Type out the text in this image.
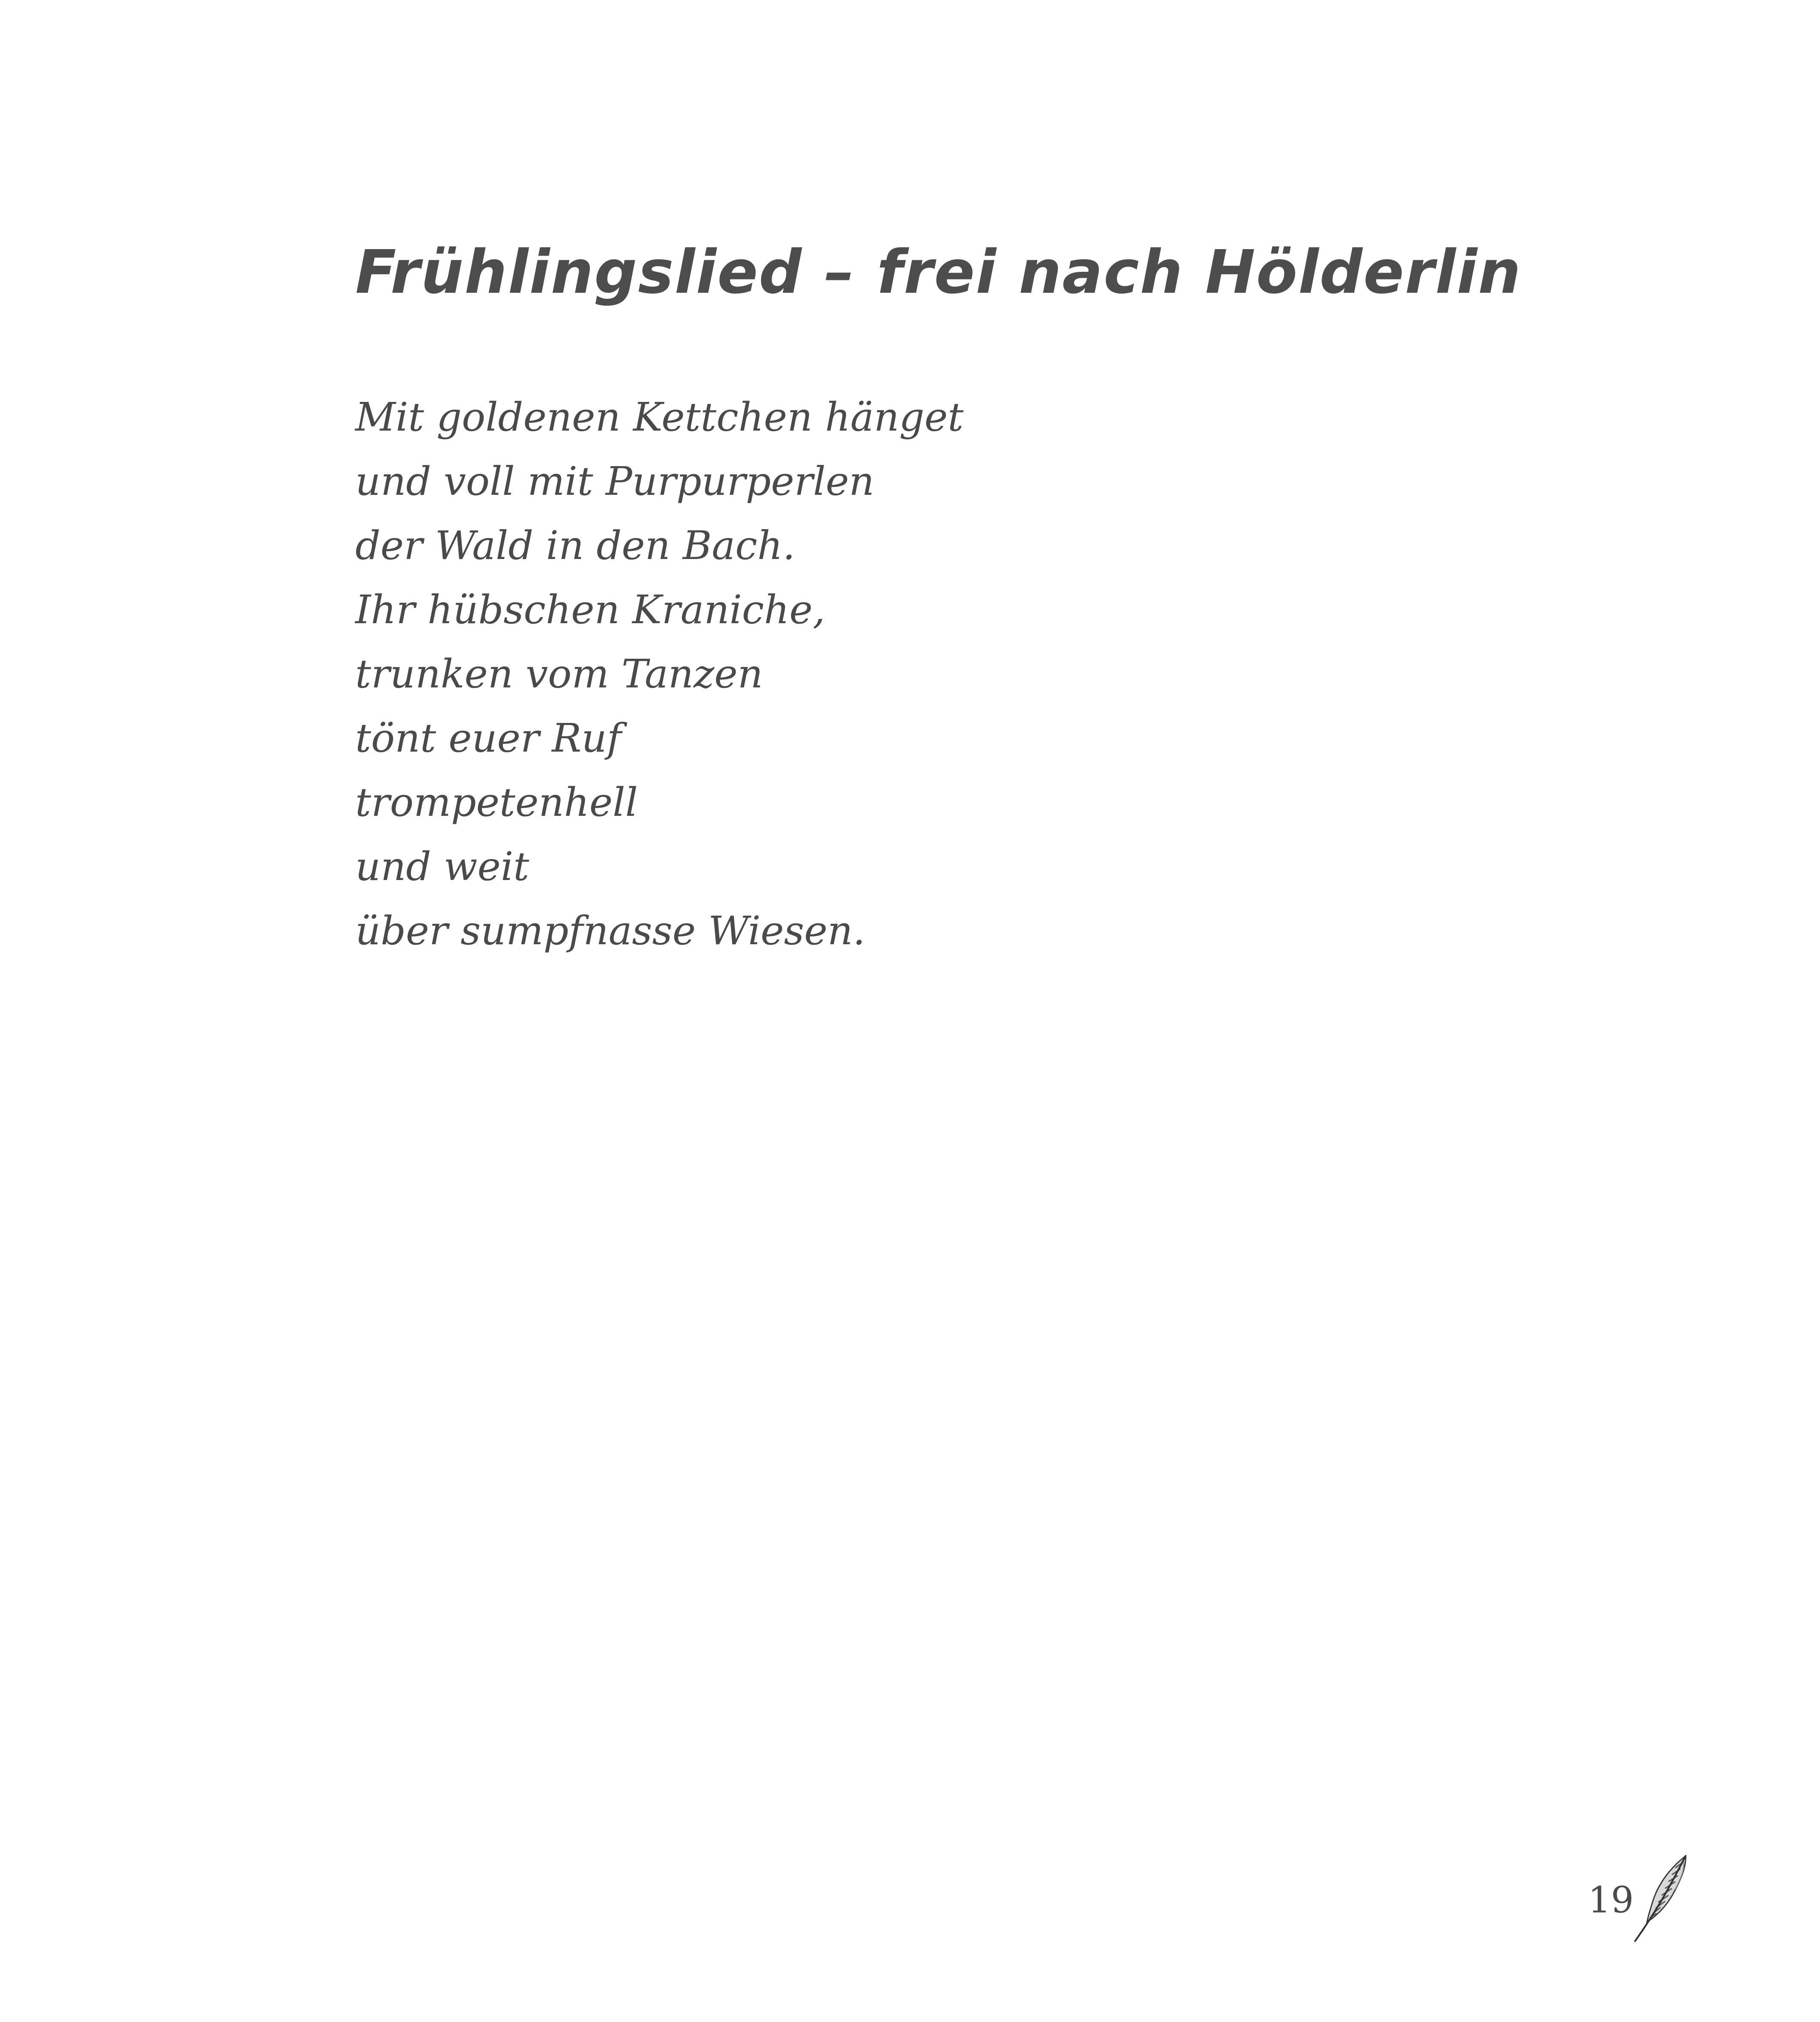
Frühlingslied – frei nach Hölderlin
Mit goldenen Kettchen hänget
und voll mit Purpurperlen
der Wald in den Bach.
Ihr hübschen Kraniche,
trunken vom Tanzen
tönt euer Ruf
trompetenhell
und weit
über sumpfnasse Wiesen.
19
